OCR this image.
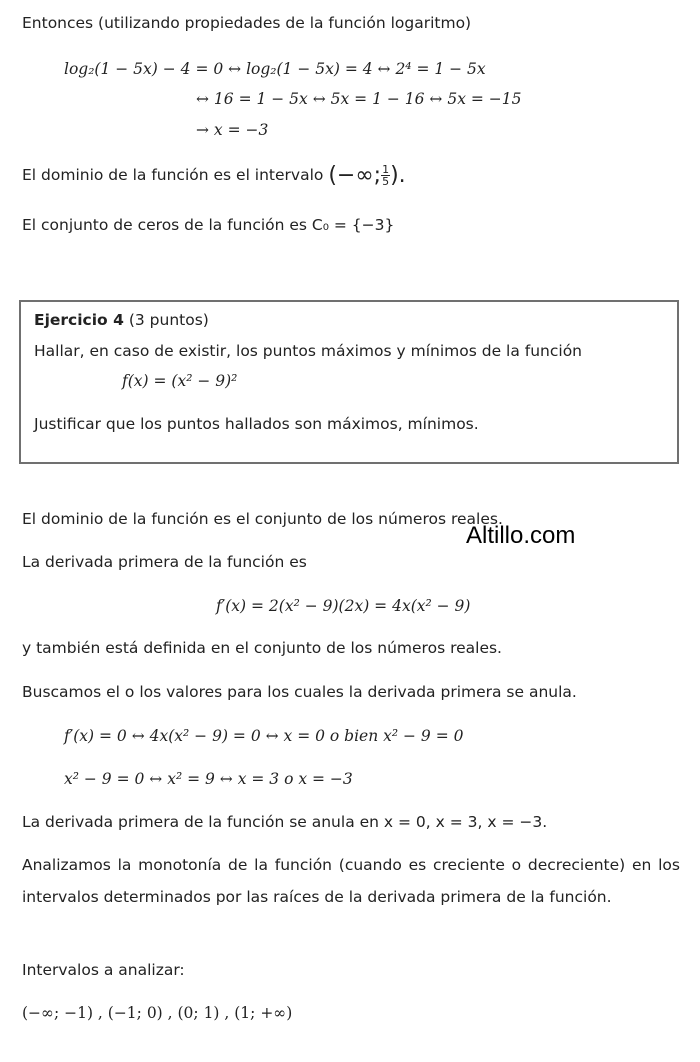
Entonces (utilizando propiedades de la función logaritmo)
log₂(1 − 5x) − 4 = 0 ↔ log₂(1 − 5x) = 4 ↔ 2⁴ = 1 − 5x
↔ 16 = 1 − 5x ↔ 5x = 1 − 16 ↔ 5x = −15
→ x = −3
El dominio de la función es el intervalo (−∞; $\frac{1}{5}$ ).
El conjunto de ceros de la función es C₀ = {−3}
Ejercicio 4 (3 puntos)
Hallar, en caso de existir, los puntos máximos y mínimos de la función
f(x) = (x² − 9)²
Justificar que los puntos hallados son máximos, mínimos.
El dominio de la función es el conjunto de los números reales.
Altillo.com
La derivada primera de la función es
f′(x) = 2(x² − 9)(2x) = 4x(x² − 9)
y también está definida en el conjunto de los números reales.
Buscamos el o los valores para los cuales la derivada primera se anula.
f′(x) = 0 ↔ 4x(x² − 9) = 0 ↔ x = 0 o bien x² − 9 = 0
x² − 9 = 0 ↔ x² = 9 ↔ x = 3 o x = −3
La derivada primera de la función se anula en x = 0, x = 3, x = −3.
Analizamos la monotonía de la función (cuando es creciente o decreciente) en los intervalos determinados por las raíces de la derivada primera de la función.
Intervalos a analizar:
(−∞; −1) , (−1; 0) , (0; 1) , (1; +∞)
